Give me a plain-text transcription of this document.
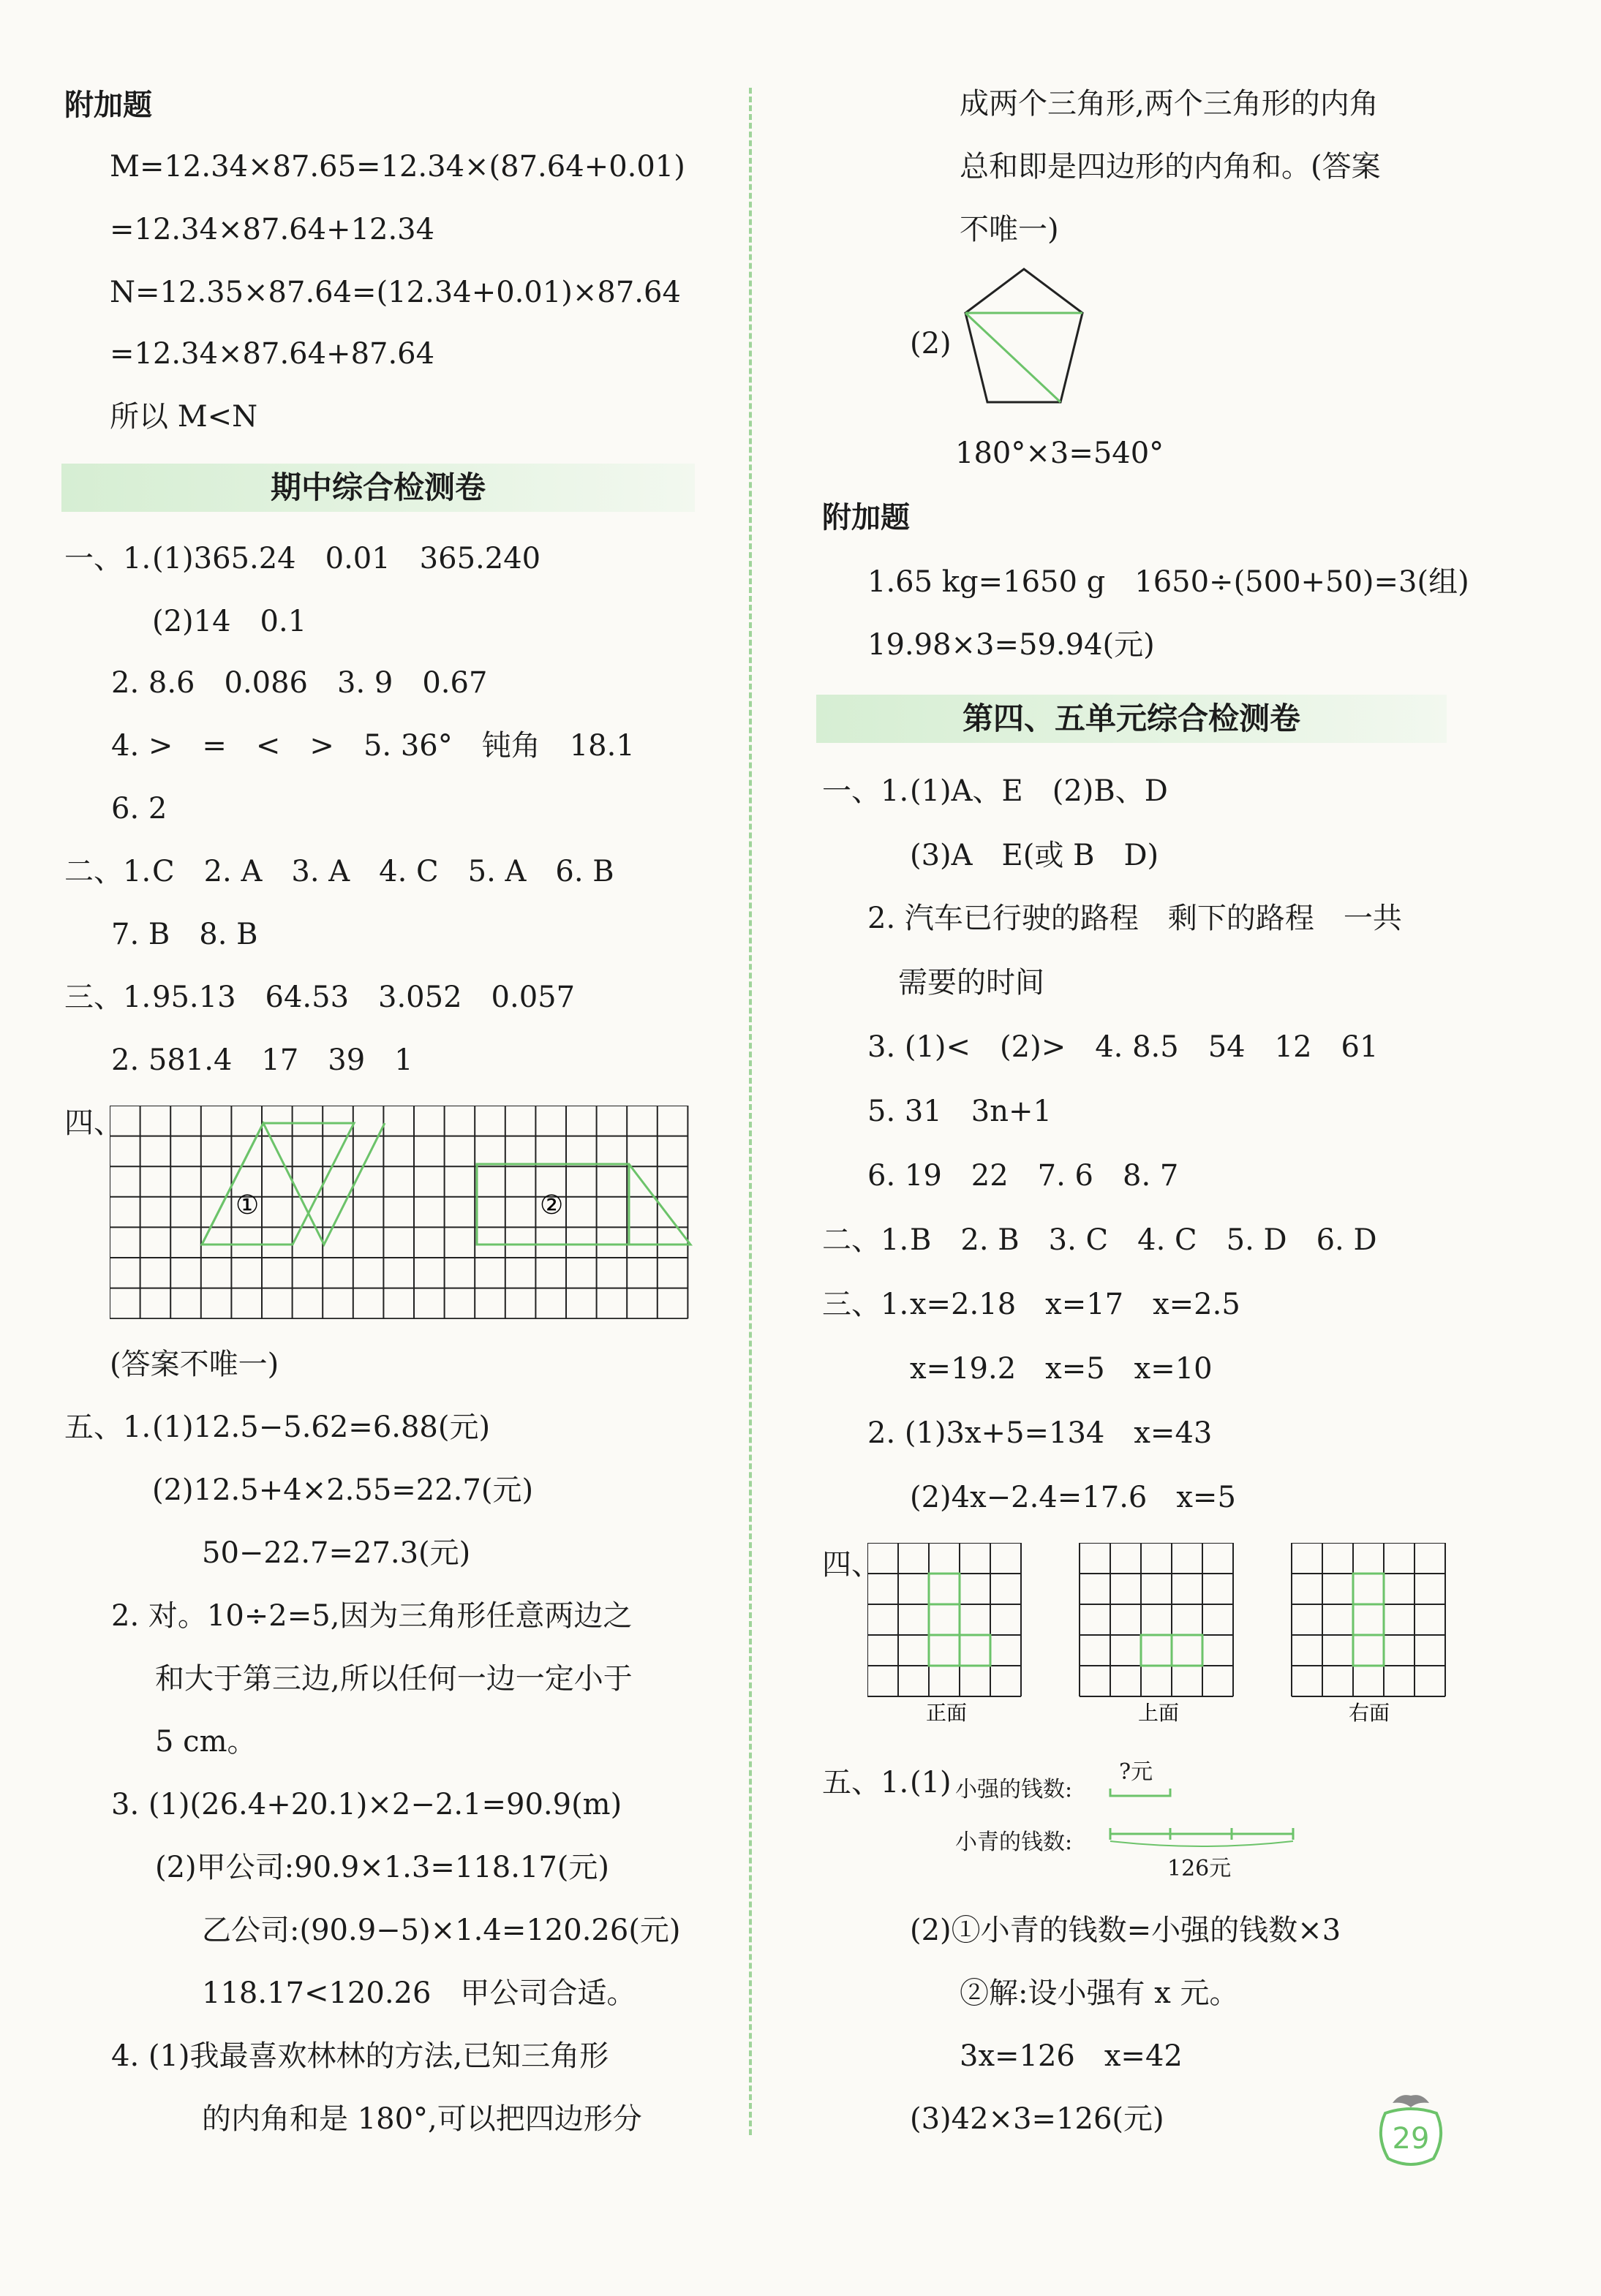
附加题
M=12.34×87.65=12.34×(87.64+0.01)
=12.34×87.64+12.34
N=12.35×87.64=(12.34+0.01)×87.64
=12.34×87.64+87.64
所以 M<N
期中综合检测卷
一、1. (1)365.24　0.01　365.240
(2)14　0.1
2. 8.6　0.086　3. 9　0.67
4. >　=　<　>　5. 36°　钝角　18.1
6. 2
二、1. C　2. A　3. A　4. C　5. A　6. B
7. B　8. B
三、1. 95.13　64.53　3.052　0.057
2. 581.4　17　39　1
四、
①	②
(答案不唯一)
五、1. (1)12.5−5.62=6.88(元)
(2)12.5+4×2.55=22.7(元)
50−22.7=27.3(元)
2. 对。10÷2=5,因为三角形任意两边之
和大于第三边,所以任何一边一定小于
5 cm。
3. (1)(26.4+20.1)×2−2.1=90.9(m)
(2)甲公司:90.9×1.3=118.17(元)
乙公司:(90.9−5)×1.4=120.26(元)
118.17<120.26　甲公司合适。
4. (1)我最喜欢林林的方法,已知三角形
的内角和是 180°,可以把四边形分
成两个三角形,两个三角形的内角
总和即是四边形的内角和。(答案
不唯一)
(2)
180°×3=540°
附加题
1.65 kg=1650 g　1650÷(500+50)=3(组)
19.98×3=59.94(元)
第四、五单元综合检测卷
一、1. (1)A、E　(2)B、D
(3)A　E(或 B　D)
2. 汽车已行驶的路程　剩下的路程　一共
需要的时间
3. (1)<　(2)>　4. 8.5　54　12　61
5. 31　3n+1
6. 19　22　7. 6　8. 7
二、1. B　2. B　3. C　4. C　5. D　6. D
三、1. x=2.18　x=17　x=2.5
x=19.2　x=5　x=10
2. (1)3x+5=134　x=43
(2)4x−2.4=17.6　x=5
四、
正面	上面	右面
五、1. (1) 小强的钱数:
?元
小青的钱数:
126元
(2)①小青的钱数=小强的钱数×3
②解:设小强有 x 元。
3x=126　x=42
(3)42×3=126(元)
29
